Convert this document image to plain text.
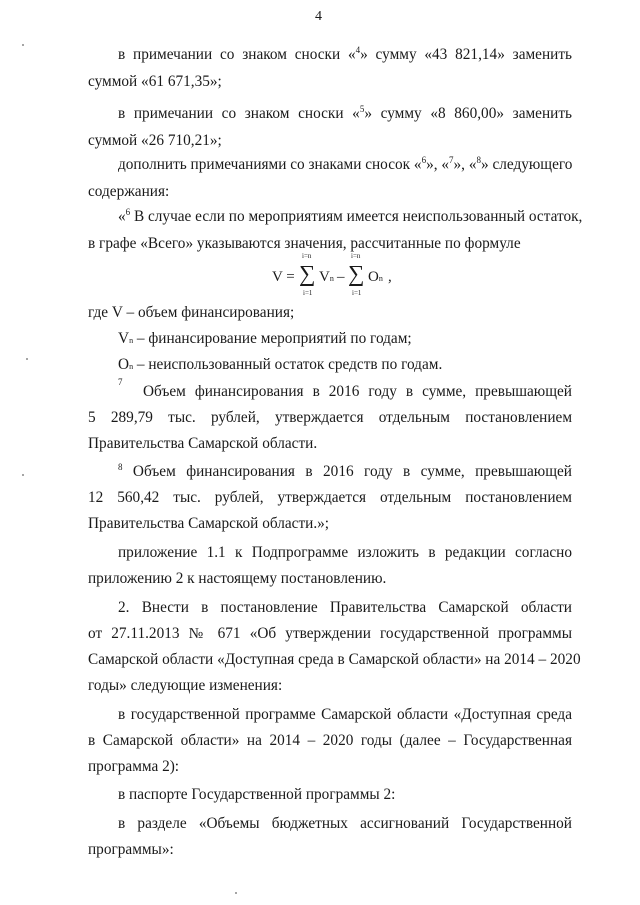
4
в примечании со знаком сноски «$^4$» сумму «43 821,14» заменить
суммой «61 671,35»;
в примечании со знаком сноски «$^5$» сумму «8 860,00» заменить
суммой «26 710,21»;
дополнить примечаниями со знаками сносок «$^6$», «$^7$», «$^8$» следующего
содержания:
«$^6$ В случае если по мероприятиям имеется неиспользованный остаток,
в графе «Всего» указываются значения, рассчитанные по формуле
V =
i=n
∑
i=1
Vn –
i=n
∑
i=1
On ,
где V – объем финансирования;
Vn – финансирование мероприятий по годам;
On – неиспользованный остаток средств по годам.
7
Объем финансирования в 2016 году в сумме, превышающей
5 289,79 тыс. рублей, утверждается отдельным постановлением
Правительства Самарской области.
$^8$ Объем финансирования в 2016 году в сумме, превышающей
12 560,42 тыс. рублей, утверждается отдельным постановлением
Правительства Самарской области.»;
приложение 1.1 к Подпрограмме изложить в редакции согласно
приложению 2 к настоящему постановлению.
2. Внести в постановление Правительства Самарской области
от 27.11.2013 № 671 «Об утверждении государственной программы
Самарской области «Доступная среда в Самарской области» на 2014 – 2020
годы» следующие изменения:
в государственной программе Самарской области «Доступная среда
в Самарской области» на 2014 – 2020 годы (далее – Государственная
программа 2):
в паспорте Государственной программы 2:
в разделе «Объемы бюджетных ассигнований Государственной
программы»:
